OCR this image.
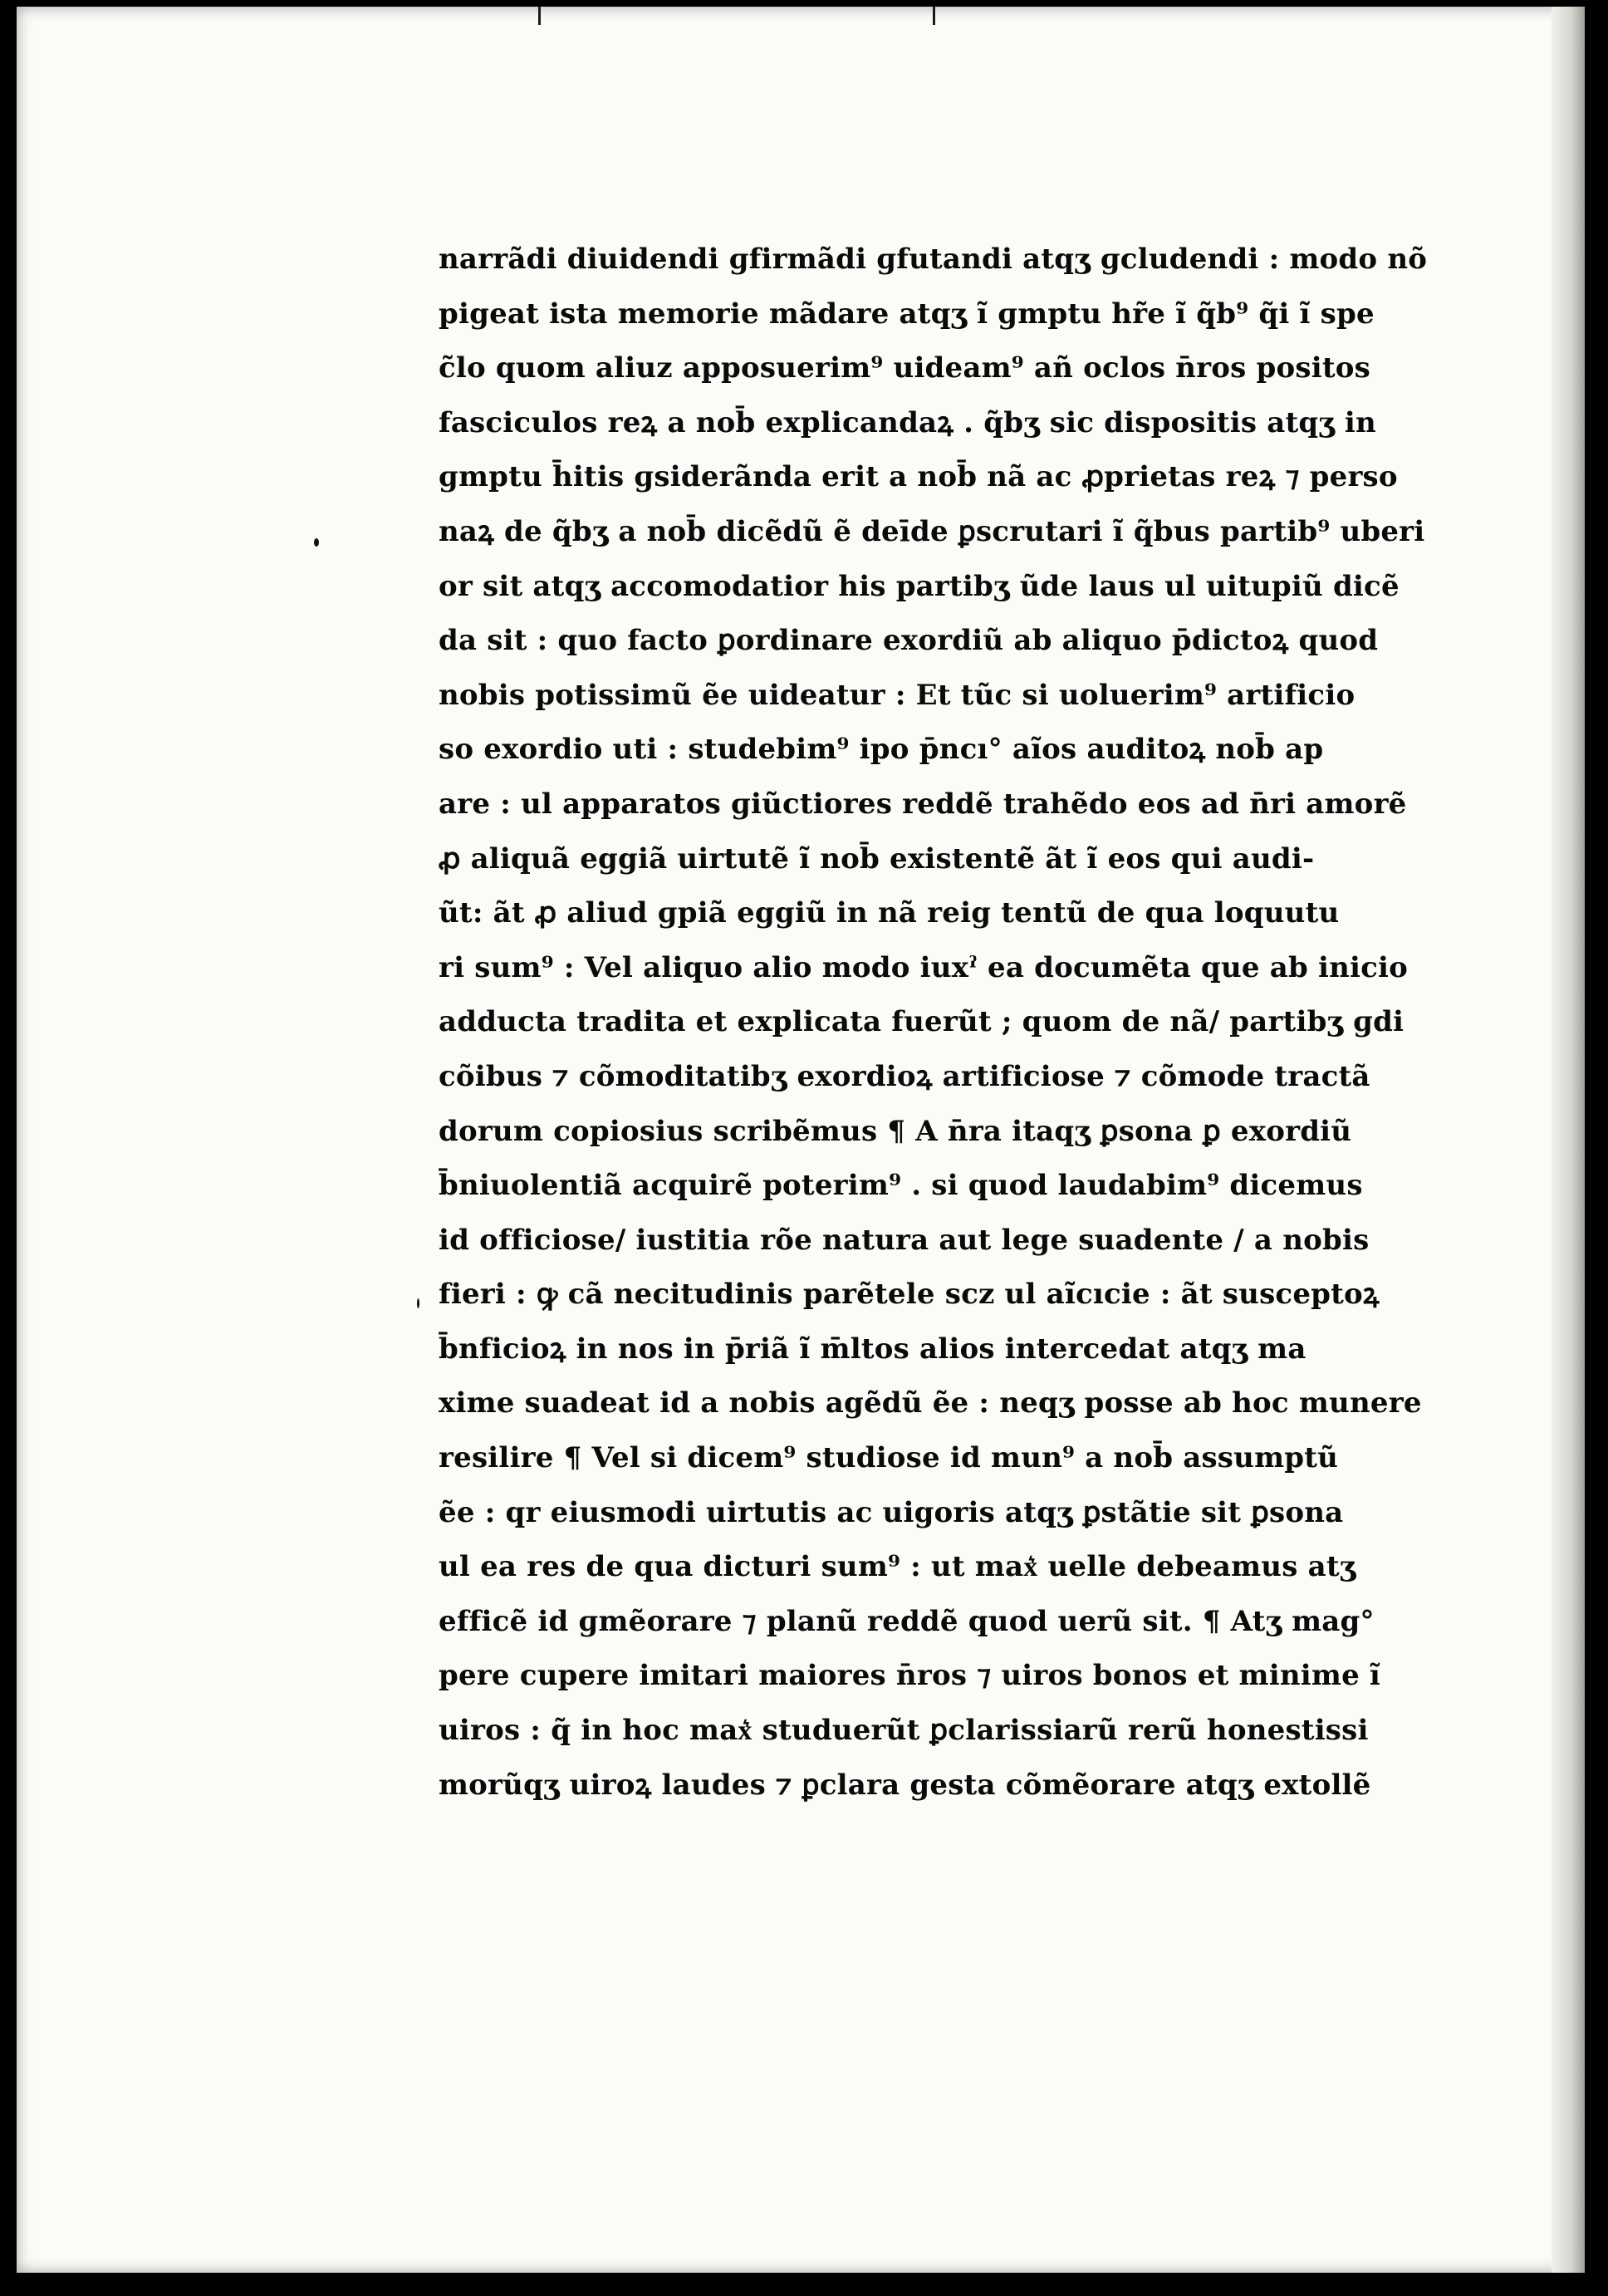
narrãdi diuidendi ɡfirmãdi ɡfutandi atqʒ ɡcludendi : modo nõ
pigeat ista memorie mãdare atqʒ ĩ ɡmptu hr̃e ĩ q̃b⁹ q̃i ĩ spe
c̃lo quom aliuz apposuerim⁹ uideam⁹ añ oclos n̄ros positos
fasciculos reꝝ a nob̄ explicandaꝝ . q̃bʒ sic dispositis atqʒ in
ɡmptu h̄itis ɡsiderãnda erit a nob̄ nã ac ꝓprietas reꝝ ⁊ perso
naꝝ de q̃bʒ a nob̄ dicẽdũ ẽ deīde ꝑscrutari ĩ q̃bus partib⁹ uberi
or sit atqʒ accomodatior his partibʒ ũde laus ul uitupiũ dicẽ
da sit : quo facto ꝑordinare exordiũ ab aliquo p̄dictoꝝ quod
nobis potissimũ ẽe uideatur : Et tũc si uoluerim⁹ artificio
so exordio uti : studebim⁹ ipo p̄ncı° aı̃os auditoꝝ nob̄ ap
are : ul apparatos ɡiũctiores reddẽ trahẽdo eos ad n̄ri amorẽ
ꝓ aliquã eggiã uirtutẽ ĩ nob̄ existentẽ ãt ĩ eos qui audi-
ũt: ãt ꝓ aliud ɡpiã eggiũ in nã reig tentũ de qua loquutu
ri sum⁹ : Vel aliquo alio modo iuxˀ ea documẽta que ab inicio
adducta tradita et explicata fuerũt ; quom de nã/ partibʒ ɡdi
cõibus ⁊ cõmoditatibʒ exordioꝝ artificiose ⁊ cõmode tractã
dorum copiosius scribẽmus ¶ A n̄ra itaqʒ ꝑsona ꝑ exordiũ
b̄niuolentiã acquirẽ poterim⁹ . si quod laudabim⁹ dicemus
id officiose/ iustitia rõe natura aut lege suadente / a nobis
fieri : ꝙ cã necitudinis parẽtele scz ul aı̃cıcie : ãt susceptoꝝ
b̄nficioꝝ in nos in p̄riã ĩ m̄ltos alios intercedat atqʒ ma
xime suadeat id a nobis agẽdũ ẽe : neqʒ posse ab hoc munere
resilire ¶ Vel si dicem⁹ studiose id mun⁹ a nob̄ assumptũ
ẽe : qr eiusmodi uirtutis ac uigoris atqʒ ꝑstãtie sit ꝑsona
ul ea res de qua dicturi sum⁹ : ut max͛ uelle debeamus atʒ
efficẽ id ɡmẽorare ⁊ planũ reddẽ quod uerũ sit. ¶ Atʒ mag°
pere cupere imitari maiores n̄ros ⁊ uiros bonos et minime ĩ
uiros : q̃ in hoc max͛ studuerũt ꝑclarissiarũ rerũ honestissi
morũqʒ uiroꝝ laudes ⁊ ꝑclara gesta cõmẽorare atqʒ extollẽ
